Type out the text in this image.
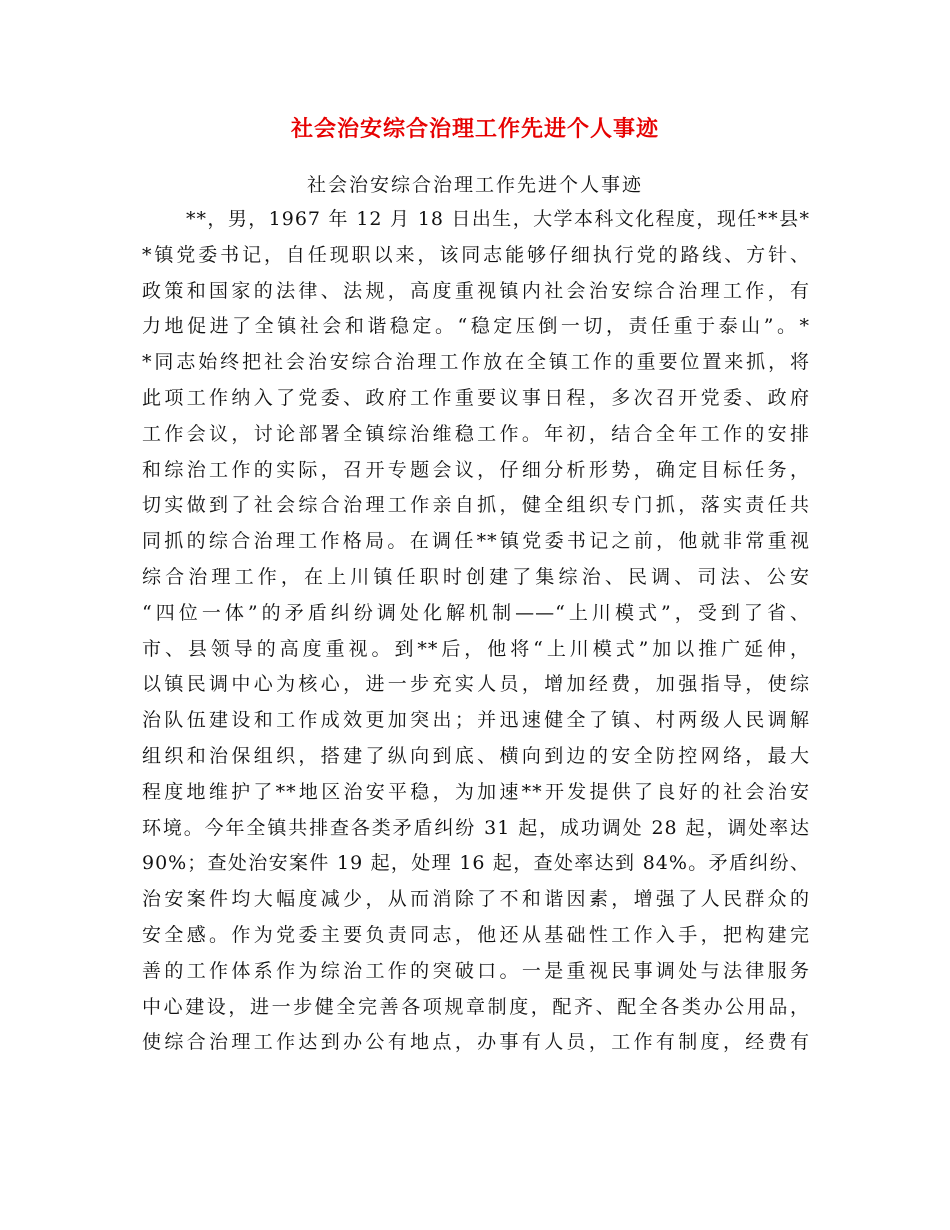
社会治安综合治理工作先进个人事迹
社会治安综合治理工作先进个人事迹
**，男，1967 年 12 月 18 日出生，大学本科文化程度，现任**县*
*镇党委书记，自任现职以来，该同志能够仔细执行党的路线、方针、
政策和国家的法律、法规，高度重视镇内社会治安综合治理工作，有
力地促进了全镇社会和谐稳定。“稳定压倒一切，责任重于泰山”。*
*同志始终把社会治安综合治理工作放在全镇工作的重要位置来抓，将
此项工作纳入了党委、政府工作重要议事日程，多次召开党委、政府
工作会议，讨论部署全镇综治维稳工作。年初，结合全年工作的安排
和综治工作的实际，召开专题会议，仔细分析形势，确定目标任务，
切实做到了社会综合治理工作亲自抓，健全组织专门抓，落实责任共
同抓的综合治理工作格局。在调任**镇党委书记之前，他就非常重视
综合治理工作，在上川镇任职时创建了集综治、民调、司法、公安
“四位一体”的矛盾纠纷调处化解机制——“上川模式”，受到了省、
市、县领导的高度重视。到**后，他将“上川模式”加以推广延伸，
以镇民调中心为核心，进一步充实人员，增加经费，加强指导，使综
治队伍建设和工作成效更加突出；并迅速健全了镇、村两级人民调解
组织和治保组织，搭建了纵向到底、横向到边的安全防控网络，最大
程度地维护了**地区治安平稳，为加速**开发提供了良好的社会治安
环境。今年全镇共排查各类矛盾纠纷 31 起，成功调处 28 起，调处率达
90%；查处治安案件 19 起，处理 16 起，查处率达到 84%。矛盾纠纷、
治安案件均大幅度减少，从而消除了不和谐因素，增强了人民群众的
安全感。作为党委主要负责同志，他还从基础性工作入手，把构建完
善的工作体系作为综治工作的突破口。一是重视民事调处与法律服务
中心建设，进一步健全完善各项规章制度，配齐、配全各类办公用品，
使综合治理工作达到办公有地点，办事有人员，工作有制度，经费有
